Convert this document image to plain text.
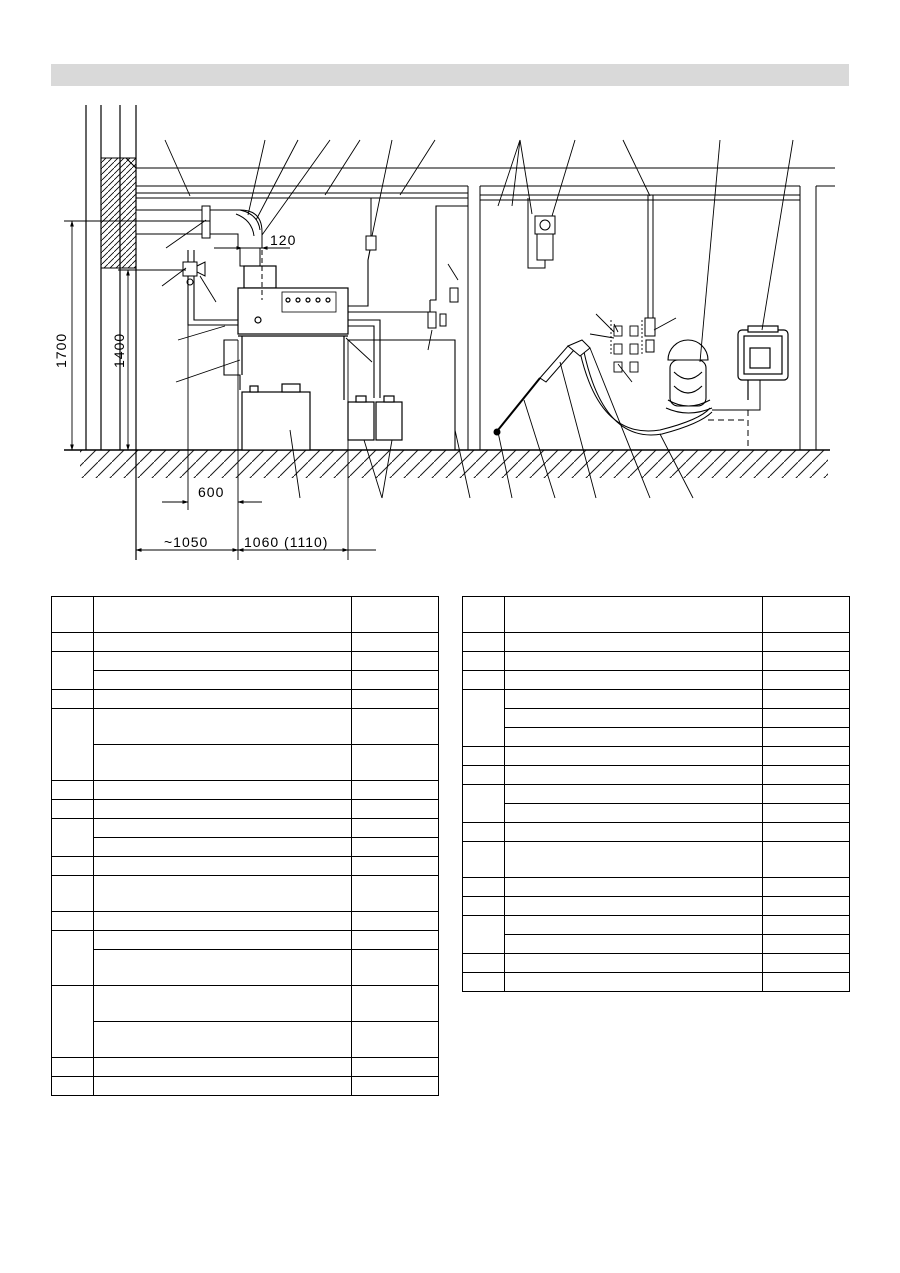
1700	1400
120
600
~1050	1060 (1110)
